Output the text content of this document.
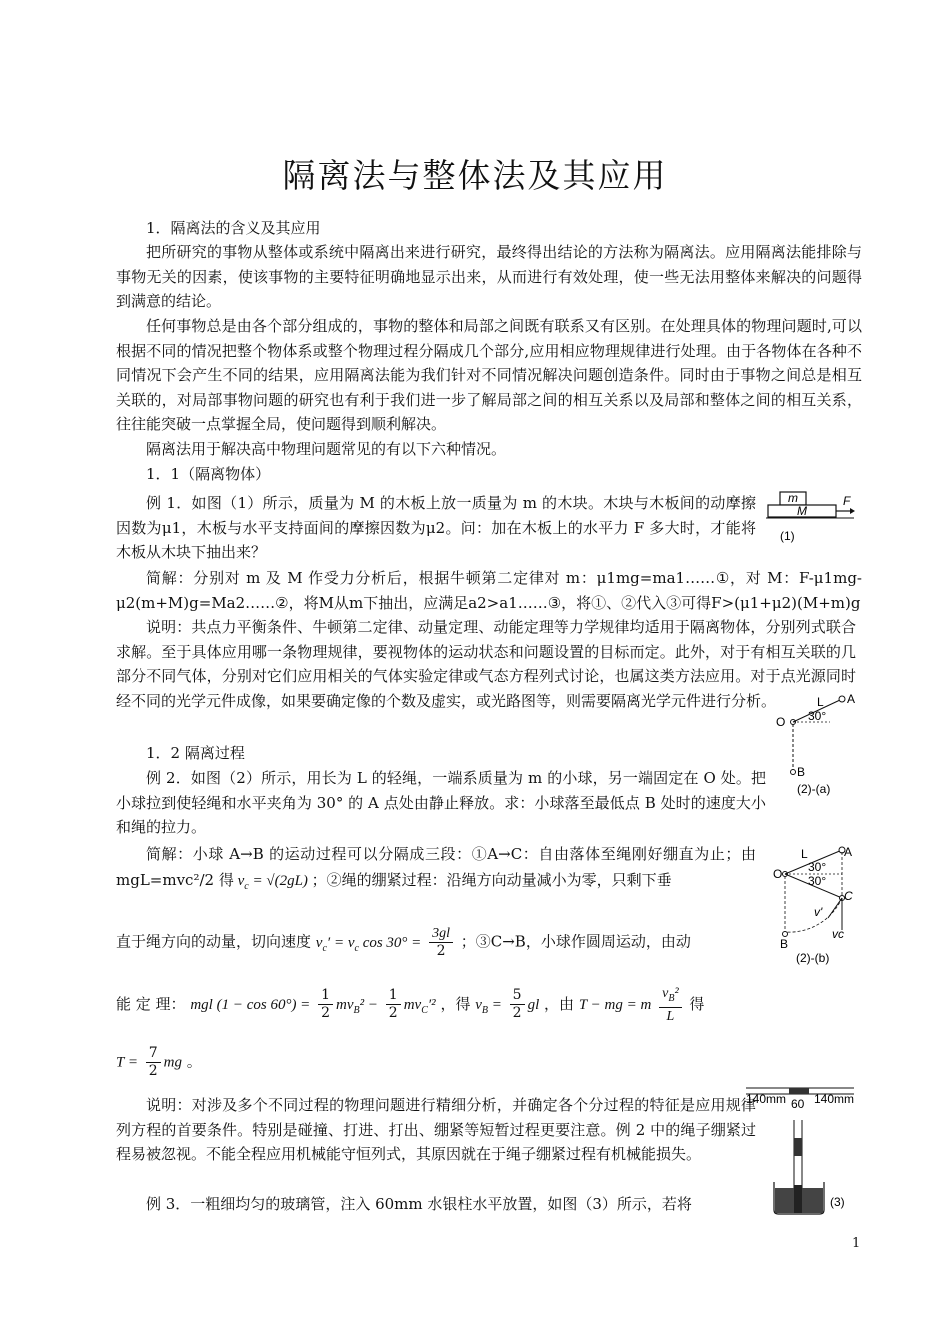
隔离法与整体法及其应用

1．隔离法的含义及其应用

把所研究的事物从整体或系统中隔离出来进行研究，最终得出结论的方法称为隔离法。应用隔离法能排除与事物无关的因素，使该事物的主要特征明确地显示出来，从而进行有效处理，使一些无法用整体来解决的问题得到满意的结论。

任何事物总是由各个部分组成的，事物的整体和局部之间既有联系又有区别。在处理具体的物理问题时,可以根据不同的情况把整个物体系或整个物理过程分隔成几个部分,应用相应物理规律进行处理。由于各物体在各种不同情况下会产生不同的结果，应用隔离法能为我们针对不同情况解决问题创造条件。同时由于事物之间总是相互关联的，对局部事物问题的研究也有利于我们进一步了解局部之间的相互关系以及局部和整体之间的相互关系，往往能突破一点掌握全局，使问题得到顺利解决。

隔离法用于解决高中物理问题常见的有以下六种情况。

1．1（隔离物体）

例 1．如图（1）所示，质量为 M 的木板上放一质量为 m 的木块。木块与木板间的动摩擦因数为μ1，木板与水平支持面间的摩擦因数为μ2。问：加在木板上的水平力 F 多大时，才能将木板从木块下抽出来？

m
M
F
(1)

简解：分别对 m 及 M 作受力分析后，根据牛顿第二定律对 m：μ1mg=ma1……①，对 M：F-μ1mg-μ2(m+M)g=Ma2……②，将M从m下抽出，应满足a2>a1……③，将①、②代入③可得F>(μ1+μ2)(M+m)g

说明：共点力平衡条件、牛顿第二定律、动量定理、动能定理等力学规律均适用于隔离物体，分别列式联合求解。至于具体应用哪一条物理规律，要视物体的运动状态和问题设置的目标而定。此外，对于有相互关联的几部分不同气体，分别对它们应用相关的气体实验定律或气态方程列式讨论，也属这类方法应用。对于点光源同时经不同的光学元件成像，如果要确定像的个数及虚实，或光路图等，则需要隔离光学元件进行分析。

O
A
L
30°
B
(2)-(a)

1．2 隔离过程

例 2．如图（2）所示，用长为 L 的轻绳，一端系质量为 m 的小球，另一端固定在 O 处。把小球拉到使轻绳和水平夹角为 30° 的 A 点处由静止释放。求：小球落至最低点 B 处时的速度大小和绳的拉力。

O
A
L
30°
30°
C
v'
vc
B
(2)-(b)
简解：小球 A→B 的运动过程可以分隔成三段：①A→C：自由落体至绳刚好绷直为止；由 mgL=mvc²/2 得 $v_c = √(2gL)$ ；②绳的绷紧过程：沿绳方向动量减小为零，只剩下垂
直于绳方向的动量，切向速度 $v_c' = v_c$ $\cos 30^\circ = \frac{3gl}{2}$ ；③C→B，小球作圆周运动，由动
能 定 理： mgl $(1 - \cos 60^\circ) = \frac{1}{2} mv_B^2 - \frac{1}{2} mv_C'^2$ ，得 $v_B = \frac{5}{2}$ gl ，由 T − mg = m $\frac{v_B^2}{L}$ 得
$T = \frac{7}{2}$ mg 。
140mm 60 140mm
(3)

说明：对涉及多个不同过程的物理问题进行精细分析，并确定各个分过程的特征是应用规律列方程的首要条件。特别是碰撞、打进、打出、绷紧等短暂过程更要注意。例 2 中的绳子绷紧过程易被忽视。不能全程应用机械能守恒列式，其原因就在于绳子绷紧过程有机械能损失。

例 3．一粗细均匀的玻璃管，注入 60mm 水银柱水平放置，如图（3）所示，若将

1
